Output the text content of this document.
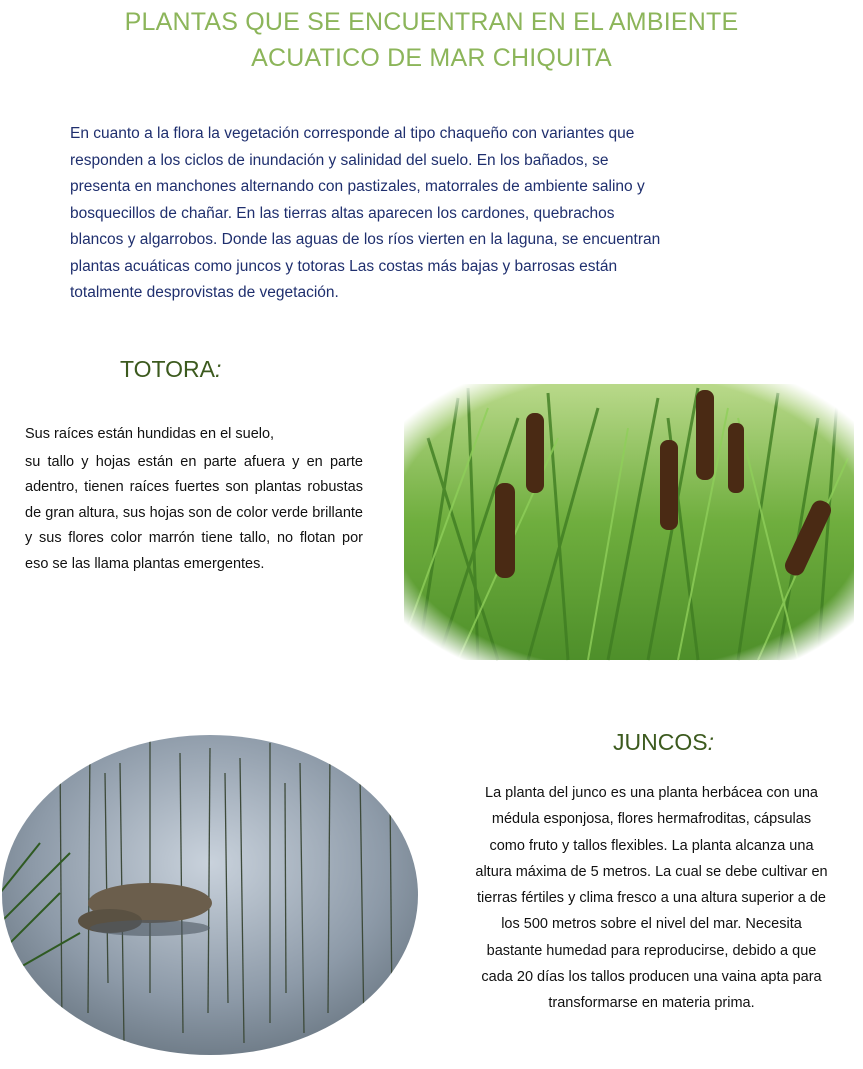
PLANTAS QUE SE ENCUENTRAN EN EL AMBIENTE
ACUATICO DE MAR CHIQUITA
En cuanto a la flora la vegetación corresponde al tipo chaqueño con variantes que
responden a los ciclos de inundación y salinidad del suelo. En los bañados, se
presenta en manchones alternando con pastizales, matorrales de ambiente salino y
bosquecillos de chañar. En las tierras altas aparecen los cardones, quebrachos
blancos y algarrobos. Donde las aguas de los ríos vierten en la laguna, se encuentran
plantas acuáticas como juncos y totoras Las costas más bajas y barrosas están
totalmente desprovistas de vegetación.
TOTORA:
Sus raíces están hundidas en el suelo,
su tallo y hojas están en parte afuera y en parte adentro, tienen raíces fuertes son plantas robustas de gran altura, sus hojas son de color verde brillante y sus flores color marrón tiene tallo, no flotan por eso se las llama plantas emergentes.
JUNCOS:
La planta del junco es una planta herbácea con una
médula esponjosa, flores hermafroditas, cápsulas
como fruto y tallos flexibles. La planta alcanza una
altura máxima de 5 metros. La cual se debe cultivar en
tierras fértiles y clima fresco a una altura superior a de
los 500 metros sobre el nivel del mar. Necesita
bastante humedad para reproducirse, debido a que
cada 20 días los tallos producen una vaina apta para
transformarse en materia prima.
